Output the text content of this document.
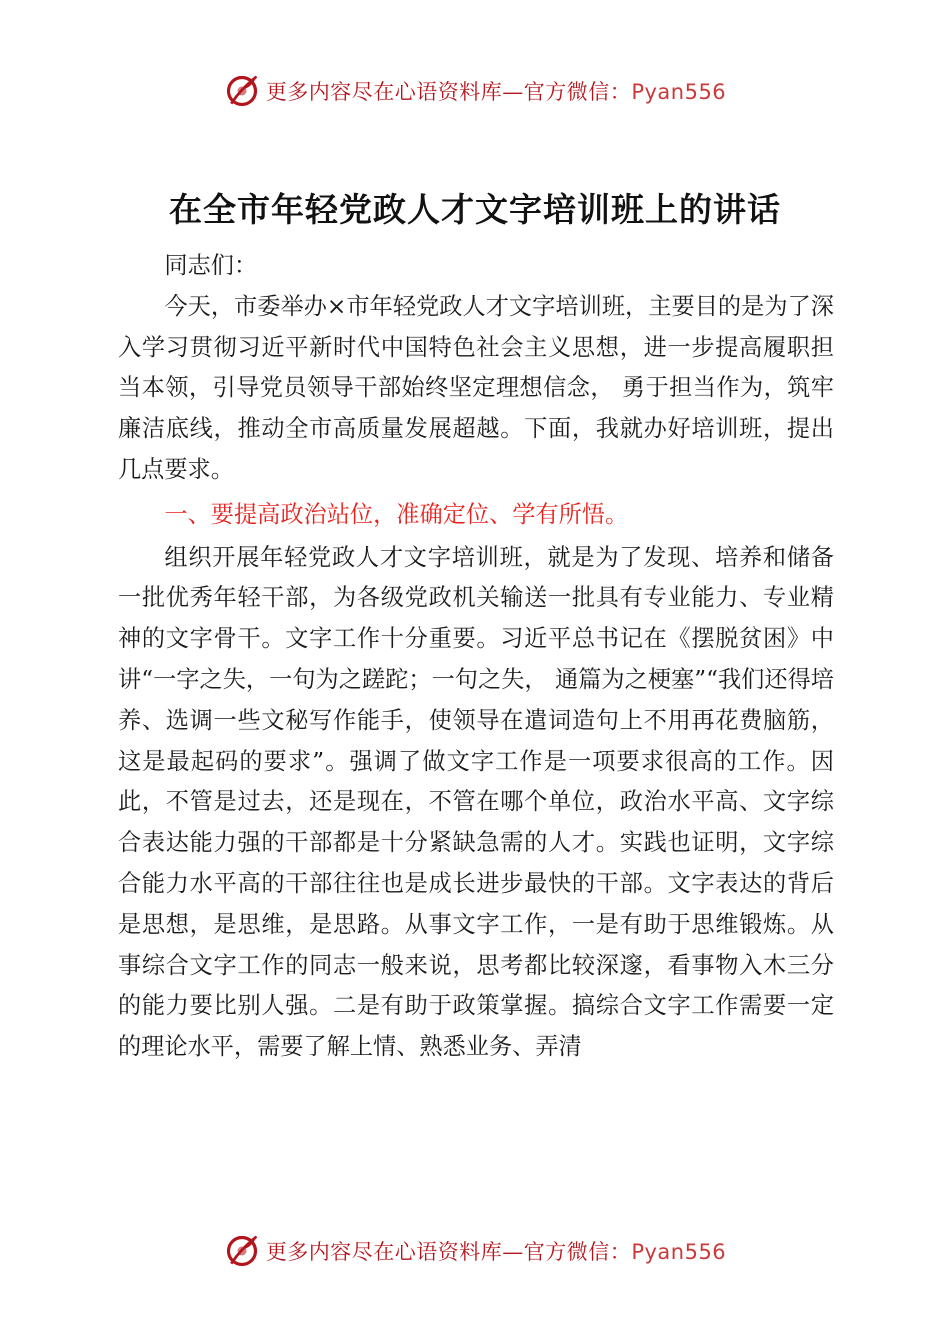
更多内容尽在心语资料库—官方微信：Pyan556
在全市年轻党政人才文字培训班上的讲话

同志们：

今天，市委举办×市年轻党政人才文字培训班，主要目的是为了深入学习贯彻习近平新时代中国特色社会主义思想，进一步提高履职担当本领，引导党员领导干部始终坚定理想信念， 勇于担当作为，筑牢廉洁底线，推动全市高质量发展超越。下面，我就办好培训班，提出几点要求。

一、要提高政治站位，准确定位、学有所悟。

组织开展年轻党政人才文字培训班，就是为了发现、培养和储备一批优秀年轻干部，为各级党政机关输送一批具有专业能力、专业精神的文字骨干。文字工作十分重要。习近平总书记在《摆脱贫困》中讲“一字之失，一句为之蹉跎；一句之失， 通篇为之梗塞”“我们还得培养、选调一些文秘写作能手，使领导在遣词造句上不用再花费脑筋，这是最起码的要求”。强调了做文字工作是一项要求很高的工作。因此，不管是过去，还是现在，不管在哪个单位，政治水平高、文字综合表达能力强的干部都是十分紧缺急需的人才。实践也证明，文字综合能力水平高的干部往往也是成长进步最快的干部。文字表达的背后是思想，是思维，是思路。从事文字工作，一是有助于思维锻炼。从事综合文字工作的同志一般来说，思考都比较深邃，看事物入木三分的能力要比别人强。二是有助于政策掌握。搞综合文字工作需要一定的理论水平，需要了解上情、熟悉业务、弄清

更多内容尽在心语资料库—官方微信：Pyan556
